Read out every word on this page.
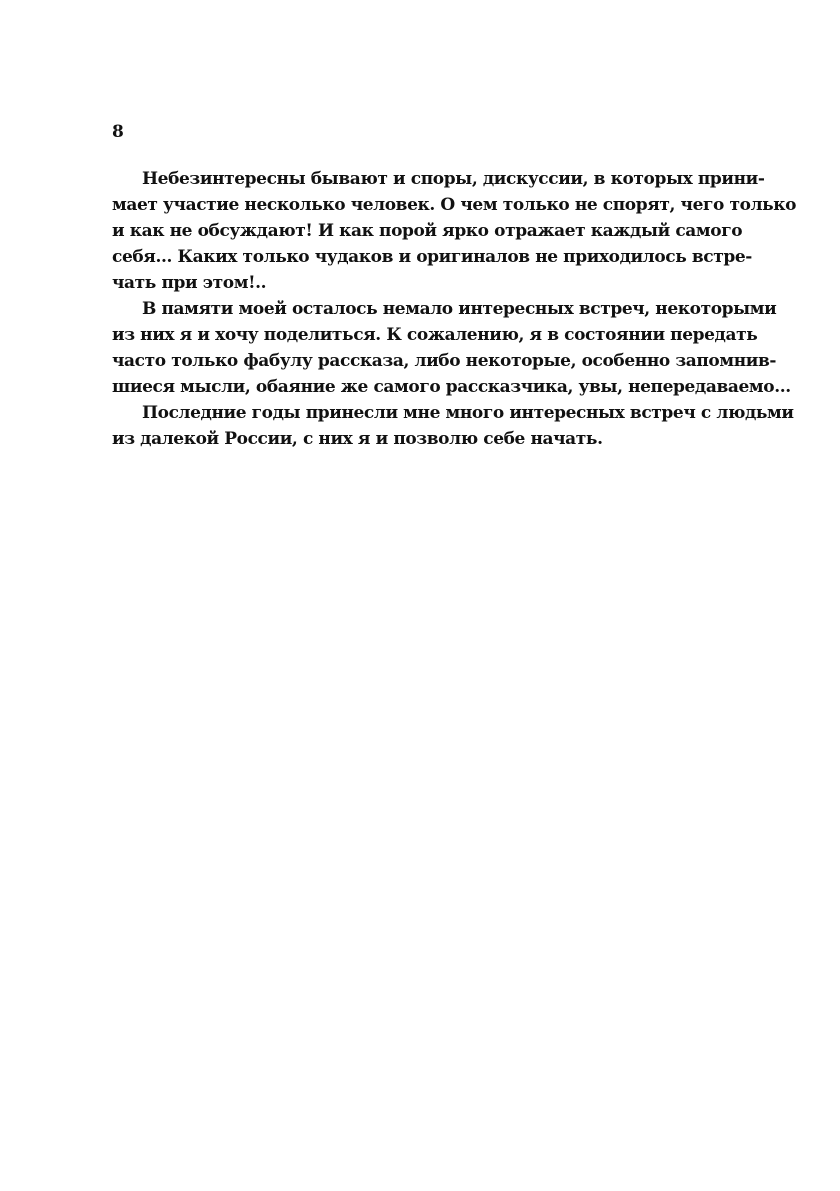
8

Небезинтересны бывают и споры, дискуссии, в которых прини-
мает участие несколько человек. О чем только не спорят, чего только
и как не обсуждают! И как порой ярко отражает каждый самого
себя... Каких только чудаков и оригиналов не приходилось встре-
чать при этом!..

В памяти моей осталось немало интересных встреч, некоторыми
из них я и хочу поделиться. К сожалению, я в состоянии передать
часто только фабулу рассказа, либо некоторые, особенно запомнив-
шиеся мысли, обаяние же самого рассказчика, увы, непередаваемо...

Последние годы принесли мне много интересных встреч с людьми
из далекой России, с них я и позволю себе начать.
